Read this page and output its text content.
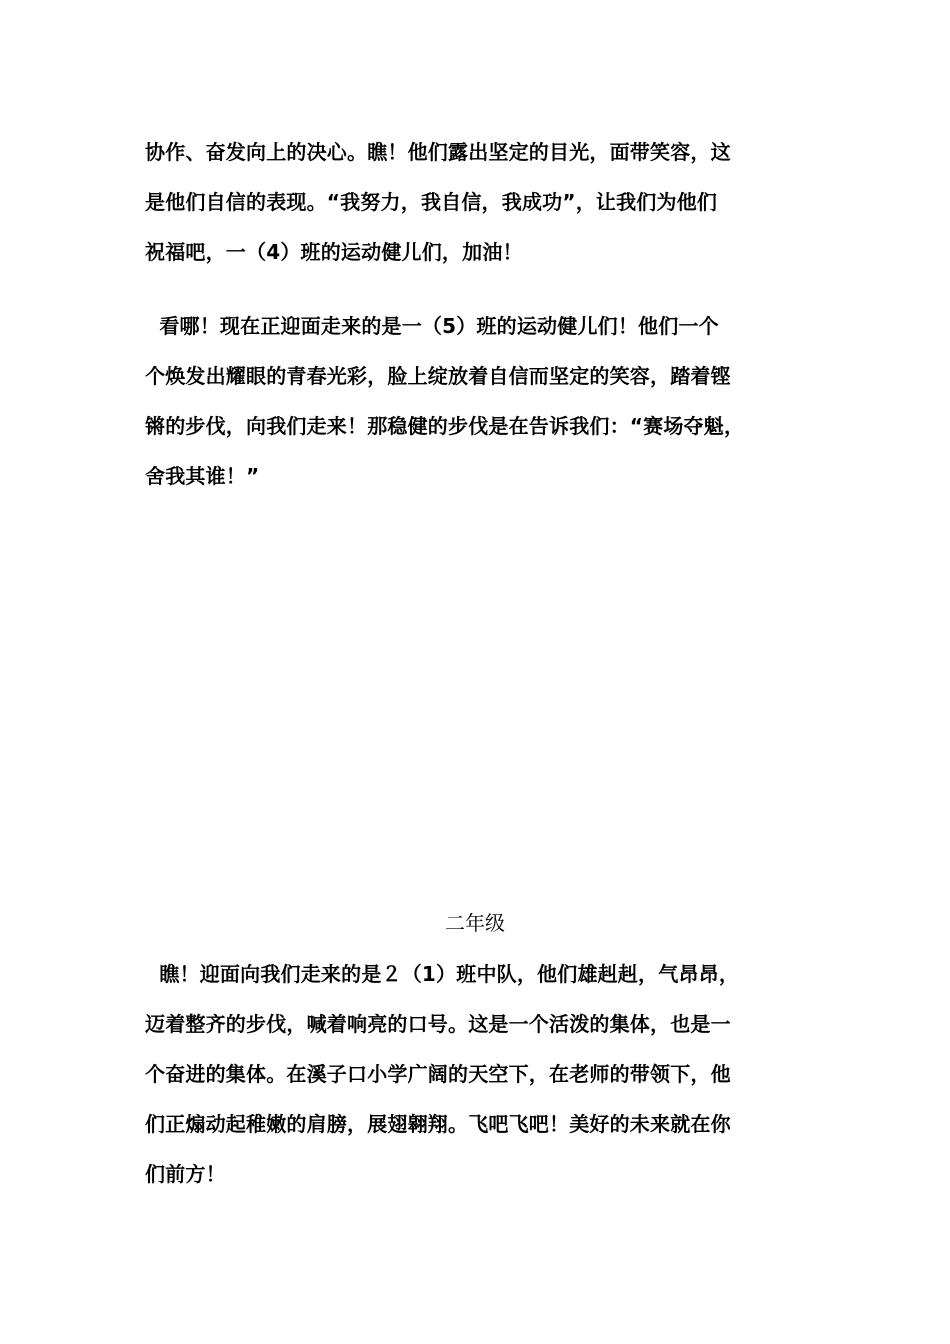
协作、奋发向上的决心。瞧！他们露出坚定的目光，面带笑容，这
是他们自信的表现。“我努力，我自信，我成功”，让我们为他们
祝福吧，一（4）班的运动健儿们，加油！
看哪！现在正迎面走来的是一（5）班的运动健儿们！他们一个
个焕发出耀眼的青春光彩，脸上绽放着自信而坚定的笑容，踏着铿
锵的步伐，向我们走来！那稳健的步伐是在告诉我们：“赛场夺魁，
舍我其谁！”
二年级
瞧！迎面向我们走来的是２（1）班中队，他们雄赳赳，气昂昂，
迈着整齐的步伐，喊着响亮的口号。这是一个活泼的集体，也是一
个奋进的集体。在溪子口小学广阔的天空下，在老师的带领下，他
们正煽动起稚嫩的肩膀，展翅翱翔。飞吧飞吧！美好的未来就在你
们前方！
